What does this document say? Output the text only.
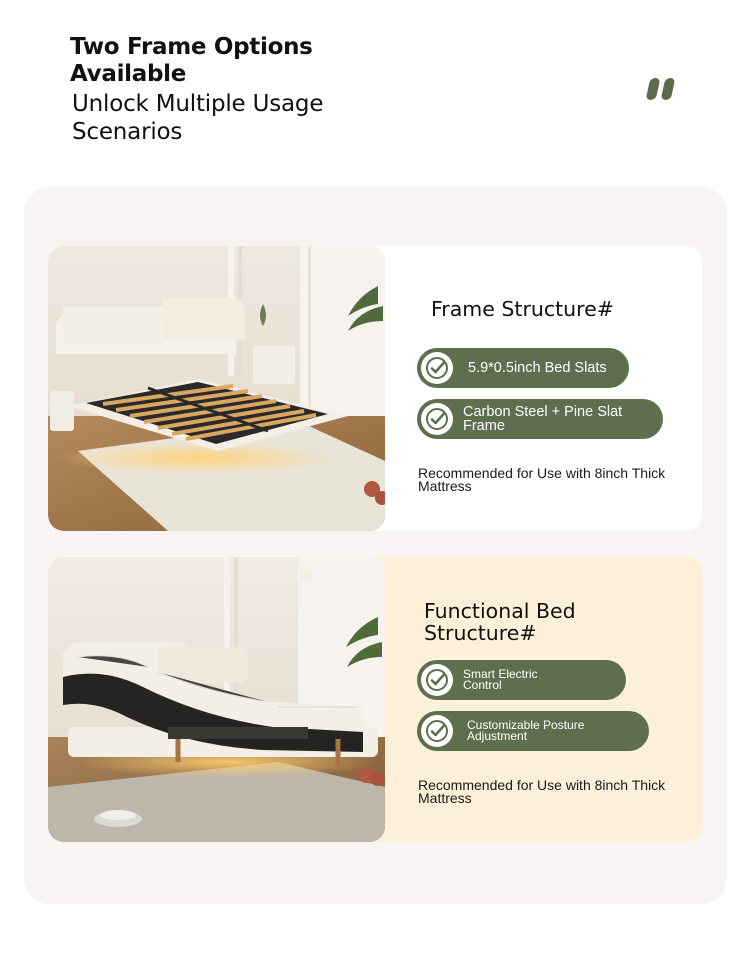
Two Frame Options Available
Unlock Multiple Usage Scenarios
Frame Structure#
5.9*0.5inch Bed Slats
Carbon Steel + Pine Slat Frame
Recommended for Use with 8inch Thick Mattress
Functional Bed Structure#
Smart Electric Control
Customizable Posture Adjustment
Recommended for Use with 8inch Thick Mattress
